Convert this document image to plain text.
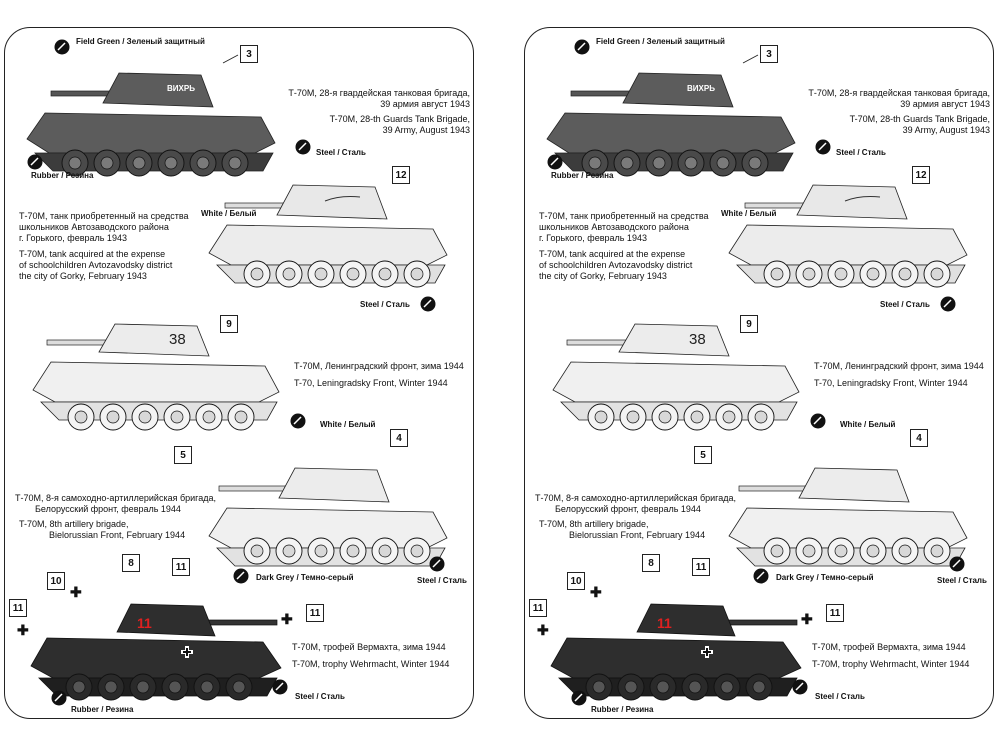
Field Green / Зеленый защитный
3
ВИХРЬ	Т-70М, 28-я гвардейская танковая бригада,
39 армия август 1943
T-70M, 28-th Guards Tank Brigade,
39 Army, August 1943
Steel / Сталь
Rubber / Резина	12
White / Белый
Т-70М, танк приобретенный на средства
школьников Автозаводского района
г. Горького, февраль 1943
T-70M, tank acquired at the expense
of schoolchildren Avtozavodsky district
the city of Gorky, February 1943
Steel / Сталь
9
38
Т-70М, Ленинградский фронт, зима 1944
T-70, Leningradsky Front, Winter 1944
White / Белый
5
4
Т-70М, 8-я самоходно-артиллерийская бригада,
Белорусский фронт, февраль 1944
T-70M, 8th artillery brigade,
Bielorussian Front, February 1944
Steel / Сталь
10
✚
8	11
Dark Grey / Темно-серый
11
✚
✚	11
11
Т-70М, трофей Вермахта, зима 1944
T-70M, trophy Wehrmacht, Winter 1944
Steel / Сталь
Rubber / Резина
Field Green / Зеленый защитный
3
ВИХРЬ	Т-70М, 28-я гвардейская танковая бригада,
39 армия август 1943
T-70M, 28-th Guards Tank Brigade,
39 Army, August 1943
Steel / Сталь
Rubber / Резина	12
White / Белый
Т-70М, танк приобретенный на средства
школьников Автозаводского района
г. Горького, февраль 1943
T-70M, tank acquired at the expense
of schoolchildren Avtozavodsky district
the city of Gorky, February 1943
Steel / Сталь
9
38
Т-70М, Ленинградский фронт, зима 1944
T-70, Leningradsky Front, Winter 1944
White / Белый
5
4
Т-70М, 8-я самоходно-артиллерийская бригада,
Белорусский фронт, февраль 1944
T-70M, 8th artillery brigade,
Bielorussian Front, February 1944
Steel / Сталь
10
✚
8	11
Dark Grey / Темно-серый
11
✚
✚	11
11
Т-70М, трофей Вермахта, зима 1944
T-70M, trophy Wehrmacht, Winter 1944
Steel / Сталь
Rubber / Резина
